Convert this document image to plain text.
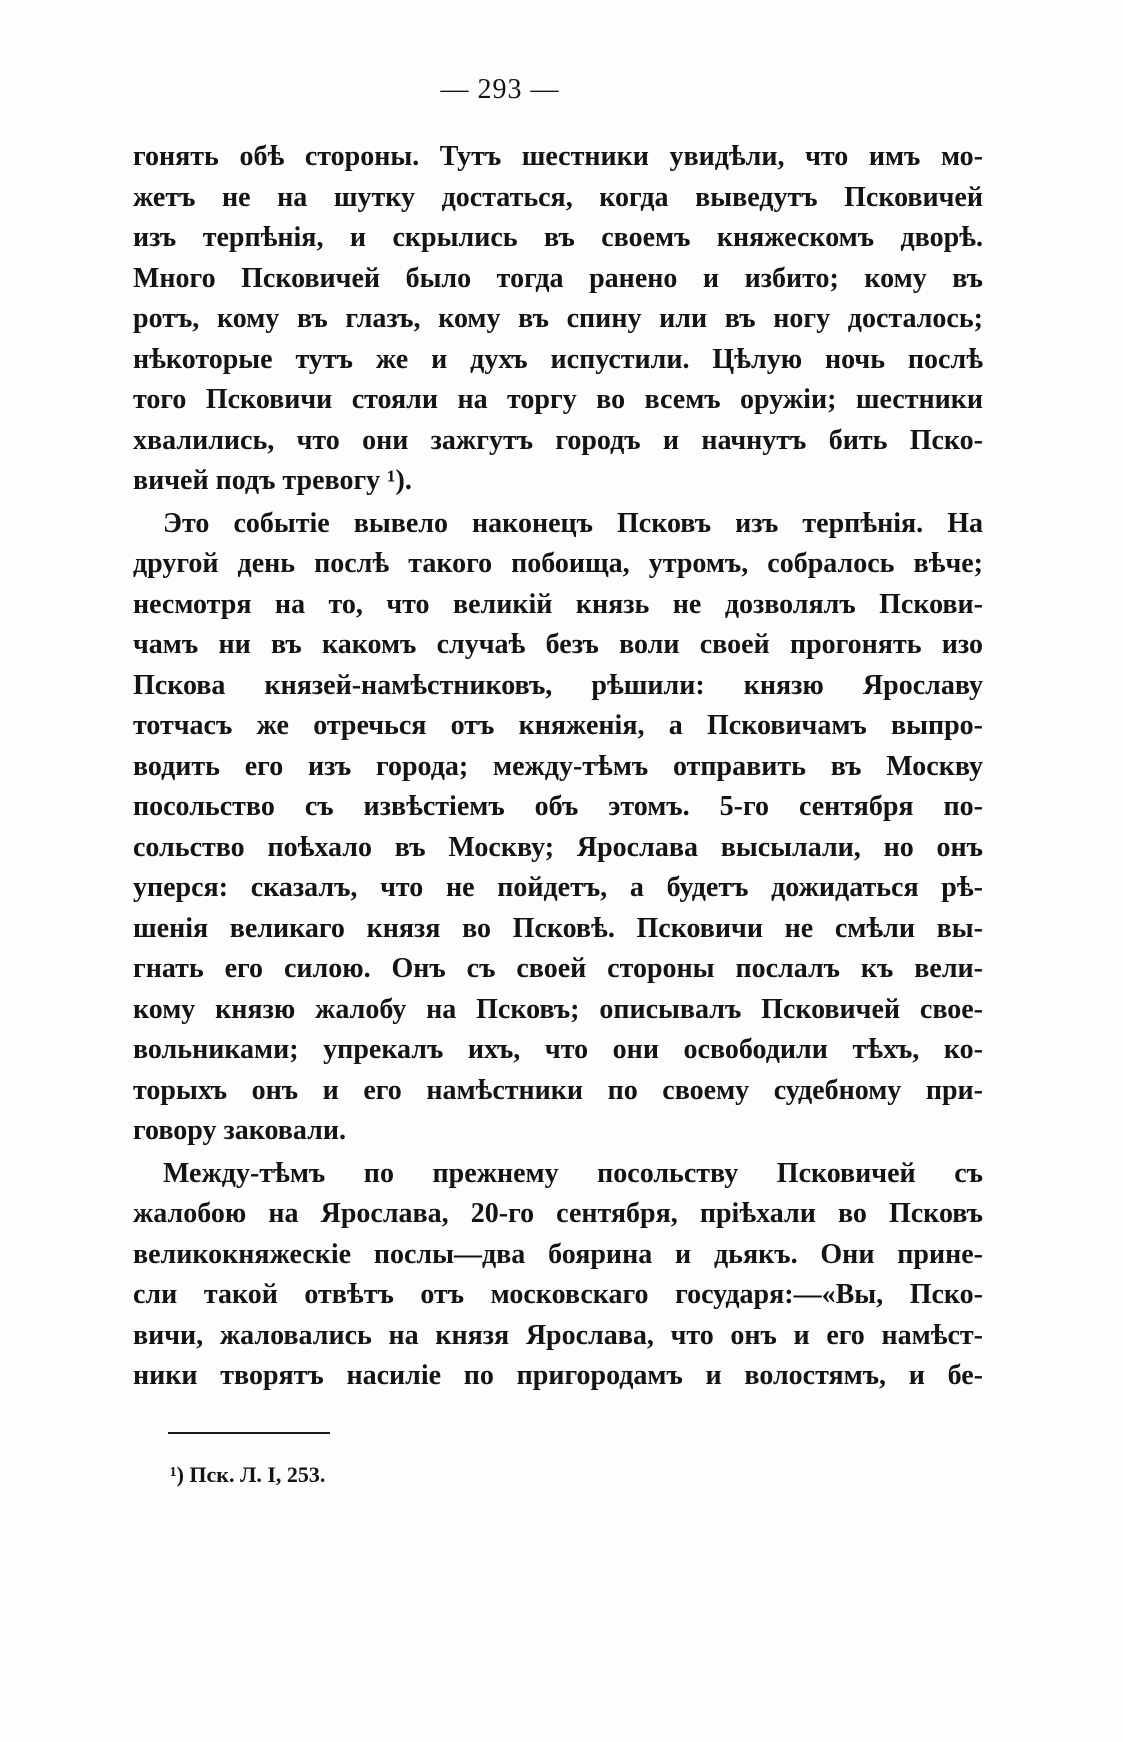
— 293 —
гонять обѣ стороны. Тутъ шестники увидѣли, что имъ мо-
жетъ не на шутку достаться, когда выведутъ Псковичей
изъ терпѣнія, и скрылись въ своемъ княжескомъ дворѣ.
Много Псковичей было тогда ранено и избито; кому въ
ротъ, кому въ глазъ, кому въ спину или въ ногу досталось;
нѣкоторые тутъ же и духъ испустили. Цѣлую ночь послѣ
того Псковичи стояли на торгу во всемъ оружіи; шестники
хвалились, что они зажгутъ городъ и начнутъ бить Пско-
вичей подъ тревогу ¹).
Это событіе вывело наконецъ Псковъ изъ терпѣнія. На
другой день послѣ такого побоища, утромъ, собралось вѣче;
несмотря на то, что великій князь не дозволялъ Пскови-
чамъ ни въ какомъ случаѣ безъ воли своей прогонять изо
Пскова князей-намѣстниковъ, рѣшили: князю Ярославу
тотчасъ же отречься отъ княженія, а Псковичамъ выпро-
водить его изъ города; между-тѣмъ отправить въ Москву
посольство съ извѣстіемъ объ этомъ. 5-го сентября по-
сольство поѣхало въ Москву; Ярослава высылали, но онъ
уперся: сказалъ, что не пойдетъ, а будетъ дожидаться рѣ-
шенія великаго князя во Псковѣ. Псковичи не смѣли вы-
гнать его силою. Онъ съ своей стороны послалъ къ вели-
кому князю жалобу на Псковъ; описывалъ Псковичей свое-
вольниками; упрекалъ ихъ, что они освободили тѣхъ, ко-
торыхъ онъ и его намѣстники по своему судебному при-
говору заковали.
Между-тѣмъ по прежнему посольству Псковичей съ
жалобою на Ярослава, 20-го сентября, пріѣхали во Псковъ
великокняжескіе послы—два боярина и дьякъ. Они прине-
сли такой отвѣтъ отъ московскаго государя:—«Вы, Пско-
вичи, жаловались на князя Ярослава, что онъ и его намѣст-
ники творятъ насиліе по пригородамъ и волостямъ, и бе-
¹) Пск. Л. I, 253.
